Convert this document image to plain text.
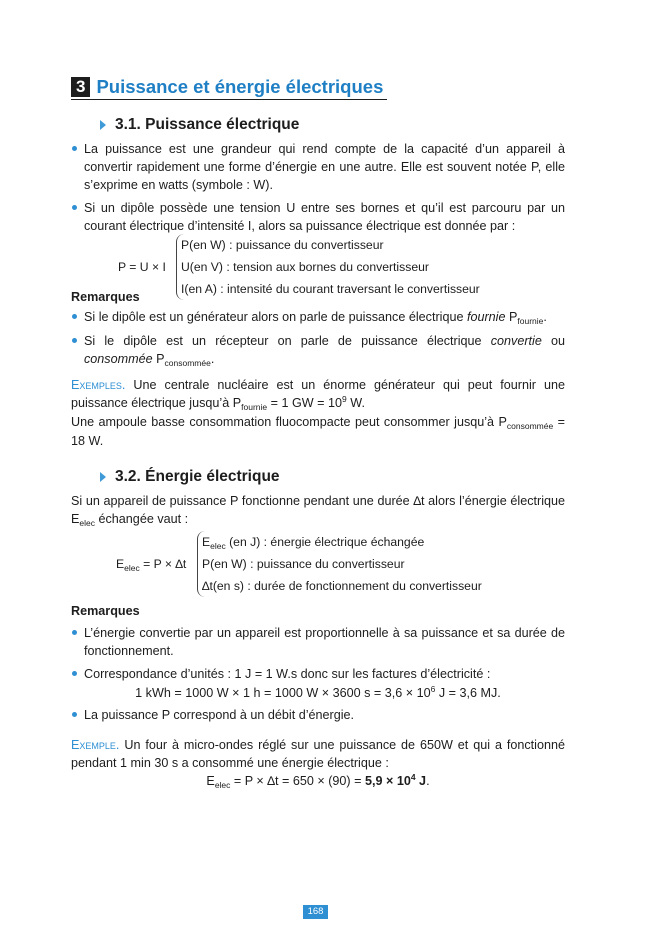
3 Puissance et énergie électriques
3.1. Puissance électrique
La puissance est une grandeur qui rend compte de la capacité d’un appareil à convertir rapidement une forme d’énergie en une autre. Elle est souvent notée P, elle s’exprime en watts (symbole : W).
Si un dipôle possède une tension U entre ses bornes et qu’il est parcouru par un courant électrique d’intensité I, alors sa puissance électrique est donnée par :
P = U × I
P(en W) : puissance du convertisseur
U(en V) : tension aux bornes du convertisseur
I(en A) : intensité du courant traversant le convertisseur
Remarques
Si le dipôle est un générateur alors on parle de puissance électrique fournie $P_{fournie}$.
Si le dipôle est un récepteur on parle de puissance électrique convertie ou consommée $P_{consommée}$.
Exemples. Une centrale nucléaire est un énorme générateur qui peut fournir une puissance électrique jusqu’à $P_{fournie} = 1$ GW = $10^9$ W.
Une ampoule basse consommation fluocompacte peut consommer jusqu’à $P_{consommée} = 18$ W.
3.2. Énergie électrique
Si un appareil de puissance P fonctionne pendant une durée ∆t alors l’énergie électrique $E_{elec}$ échangée vaut :
$E_{elec} = P \times \Delta t$
$E_{elec}$ (en J) : énergie électrique échangée
P(en W) : puissance du convertisseur
∆t(en s) : durée de fonctionnement du convertisseur
Remarques
L’énergie convertie par un appareil est proportionnelle à sa puissance et sa durée de fonctionnement.
Correspondance d’unités : 1 J = 1 W.s donc sur les factures d’électricité :
1 kWh = 1000 W × 1 h = 1000 W × 3600 $s = 3,6 \times 10^6$ J = 3,6 MJ.
La puissance P correspond à un débit d’énergie.
Exemple. Un four à micro-ondes réglé sur une puissance de 650W et qui a fonctionné pendant 1 min 30 s a consommé une énergie électrique :
$E_{elec} = P \times \Delta t = 650 \times (90) = 5,9 \times 10^4$ J.
168
